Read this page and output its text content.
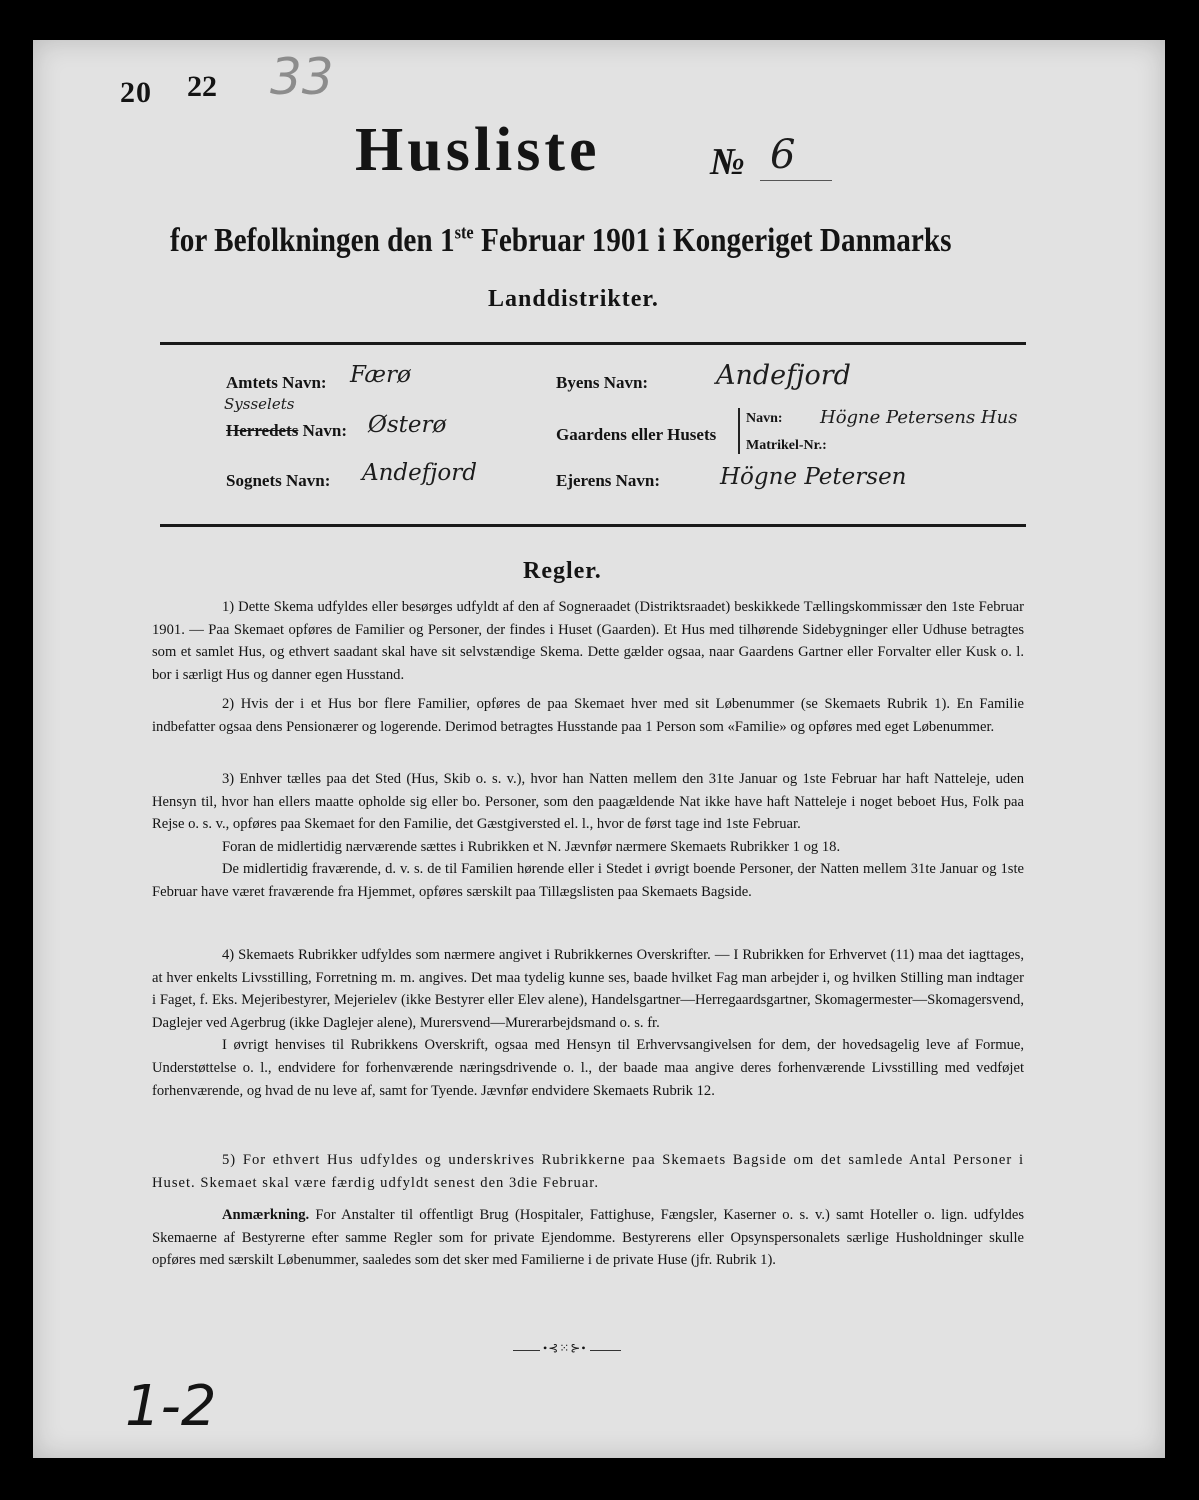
20 22 33
Husliste	№ 6
for Befolkningen den 1ste Februar 1901 i Kongeriget Danmarks
Landdistrikter.
Amtets Navn: Færø
Sysselets
Herredets Navn: Østerø
Sognets Navn: Andefjord
Byens Navn:	Andefjord
Gaardens eller Husets
Navn: Högne Petersens Hus
Matrikel-Nr.:
Ejerens Navn:	Högne Petersen
Regler.

1) Dette Skema udfyldes eller besørges udfyldt af den af Sogneraadet (Distriktsraadet) beskikkede Tællingskommissær den 1ste Februar 1901. — Paa Skemaet opføres de Familier og Personer, der findes i Huset (Gaarden). Et Hus med tilhørende Sidebygninger eller Udhuse betragtes som et samlet Hus, og ethvert saadant skal have sit selvstændige Skema. Dette gælder ogsaa, naar Gaardens Gartner eller Forvalter eller Kusk o. l. bor i særligt Hus og danner egen Husstand.

2) Hvis der i et Hus bor flere Familier, opføres de paa Skemaet hver med sit Løbenummer (se Skemaets Rubrik 1). En Familie indbefatter ogsaa dens Pensionærer og logerende. Derimod betragtes Husstande paa 1 Person som «Familie» og opføres med eget Løbenummer.

3) Enhver tælles paa det Sted (Hus, Skib o. s. v.), hvor han Natten mellem den 31te Januar og 1ste Februar har haft Natteleje, uden Hensyn til, hvor han ellers maatte opholde sig eller bo. Personer, som den paagældende Nat ikke have haft Natteleje i noget beboet Hus, Folk paa Rejse o. s. v., opføres paa Skemaet for den Familie, det Gæstgiversted el. l., hvor de først tage ind 1ste Februar.

Foran de midlertidig nærværende sættes i Rubrikken et N. Jævnfør nærmere Skemaets Rubrikker 1 og 18.

De midlertidig fraværende, d. v. s. de til Familien hørende eller i Stedet i øvrigt boende Personer, der Natten mellem 31te Januar og 1ste Februar have været fraværende fra Hjemmet, opføres særskilt paa Tillægslisten paa Skemaets Bagside.

4) Skemaets Rubrikker udfyldes som nærmere angivet i Rubrikkernes Overskrifter. — I Rubrikken for Erhvervet (11) maa det iagttages, at hver enkelts Livsstilling, Forretning m. m. angives. Det maa tydelig kunne ses, baade hvilket Fag man arbejder i, og hvilken Stilling man indtager i Faget, f. Eks. Mejeribestyrer, Mejerielev (ikke Bestyrer eller Elev alene), Handelsgartner—Herregaardsgartner, Skomagermester—Skomagersvend, Daglejer ved Agerbrug (ikke Daglejer alene), Murersvend—Murerarbejdsmand o. s. fr.

I øvrigt henvises til Rubrikkens Overskrift, ogsaa med Hensyn til Erhvervsangivelsen for dem, der hovedsagelig leve af Formue, Understøttelse o. l., endvidere for forhenværende næringsdrivende o. l., der baade maa angive deres forhenværende Livsstilling med vedføjet forhenværende, og hvad de nu leve af, samt for Tyende. Jævnfør endvidere Skemaets Rubrik 12.

5) For ethvert Hus udfyldes og underskrives Rubrikkerne paa Skemaets Bagside om det samlede Antal Personer i Huset. Skemaet skal være færdig udfyldt senest den 3die Februar.

Anmærkning. For Anstalter til offentligt Brug (Hospitaler, Fattighuse, Fængsler, Kaserner o. s. v.) samt Hoteller o. lign. udfyldes Skemaerne af Bestyrerne efter samme Regler som for private Ejendomme. Bestyrerens eller Opsynspersonalets særlige Husholdninger skulle opføres med særskilt Løbenummer, saaledes som det sker med Familierne i de private Huse (jfr. Rubrik 1).

•⊰⁙⊱•
1-2
